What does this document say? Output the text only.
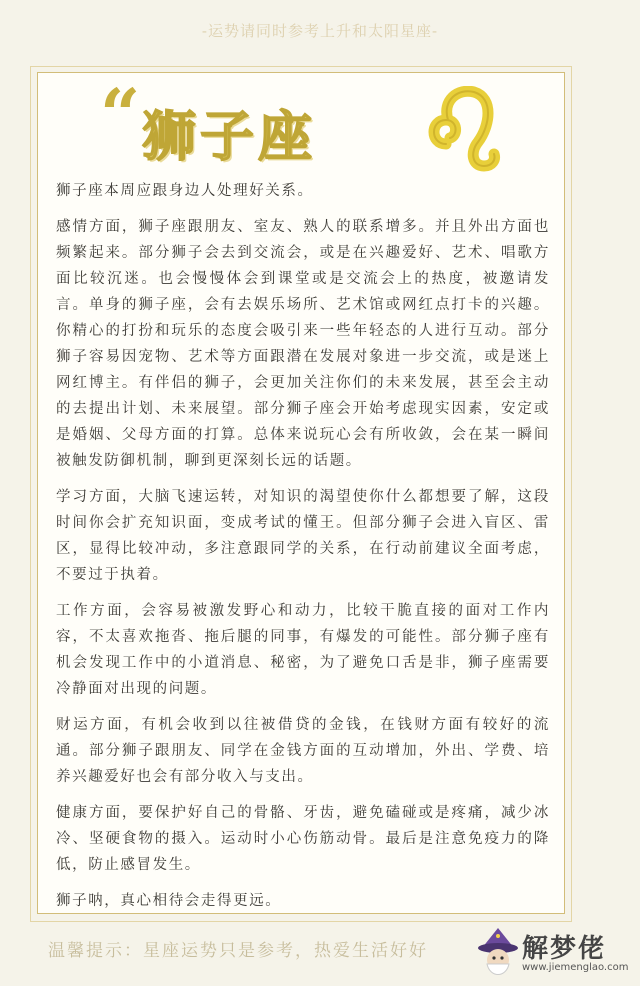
-运势请同时参考上升和太阳星座-
“ 狮子座

狮子座本周应跟身边人处理好关系。

感情方面，狮子座跟朋友、室友、熟人的联系增多。并且外出方面也频繁起来。部分狮子会去到交流会，或是在兴趣爱好、艺术、唱歌方面比较沉迷。也会慢慢体会到课堂或是交流会上的热度，被邀请发言。单身的狮子座，会有去娱乐场所、艺术馆或网红点打卡的兴趣。你精心的打扮和玩乐的态度会吸引来一些年轻态的人进行互动。部分狮子容易因宠物、艺术等方面跟潜在发展对象进一步交流，或是迷上网红博主。有伴侣的狮子，会更加关注你们的未来发展，甚至会主动的去提出计划、未来展望。部分狮子座会开始考虑现实因素，安定或是婚姻、父母方面的打算。总体来说玩心会有所收敛，会在某一瞬间被触发防御机制，聊到更深刻长远的话题。

学习方面，大脑飞速运转，对知识的渴望使你什么都想要了解，这段时间你会扩充知识面，变成考试的懂王。但部分狮子会进入盲区、雷区，显得比较冲动，多注意跟同学的关系，在行动前建议全面考虑，不要过于执着。

工作方面，会容易被激发野心和动力，比较干脆直接的面对工作内容，不太喜欢拖沓、拖后腿的同事，有爆发的可能性。部分狮子座有机会发现工作中的小道消息、秘密，为了避免口舌是非，狮子座需要冷静面对出现的问题。

财运方面，有机会收到以往被借贷的金钱，在钱财方面有较好的流通。部分狮子跟朋友、同学在金钱方面的互动增加，外出、学费、培养兴趣爱好也会有部分收入与支出。

健康方面，要保护好自己的骨骼、牙齿，避免磕碰或是疼痛，减少冰冷、坚硬食物的摄入。运动时小心伤筋动骨。最后是注意免疫力的降低，防止感冒发生。

狮子呐，真心相待会走得更远。

温馨提示：星座运势只是参考，热爱生活好好	解梦佬
www.jiemenglao.com
